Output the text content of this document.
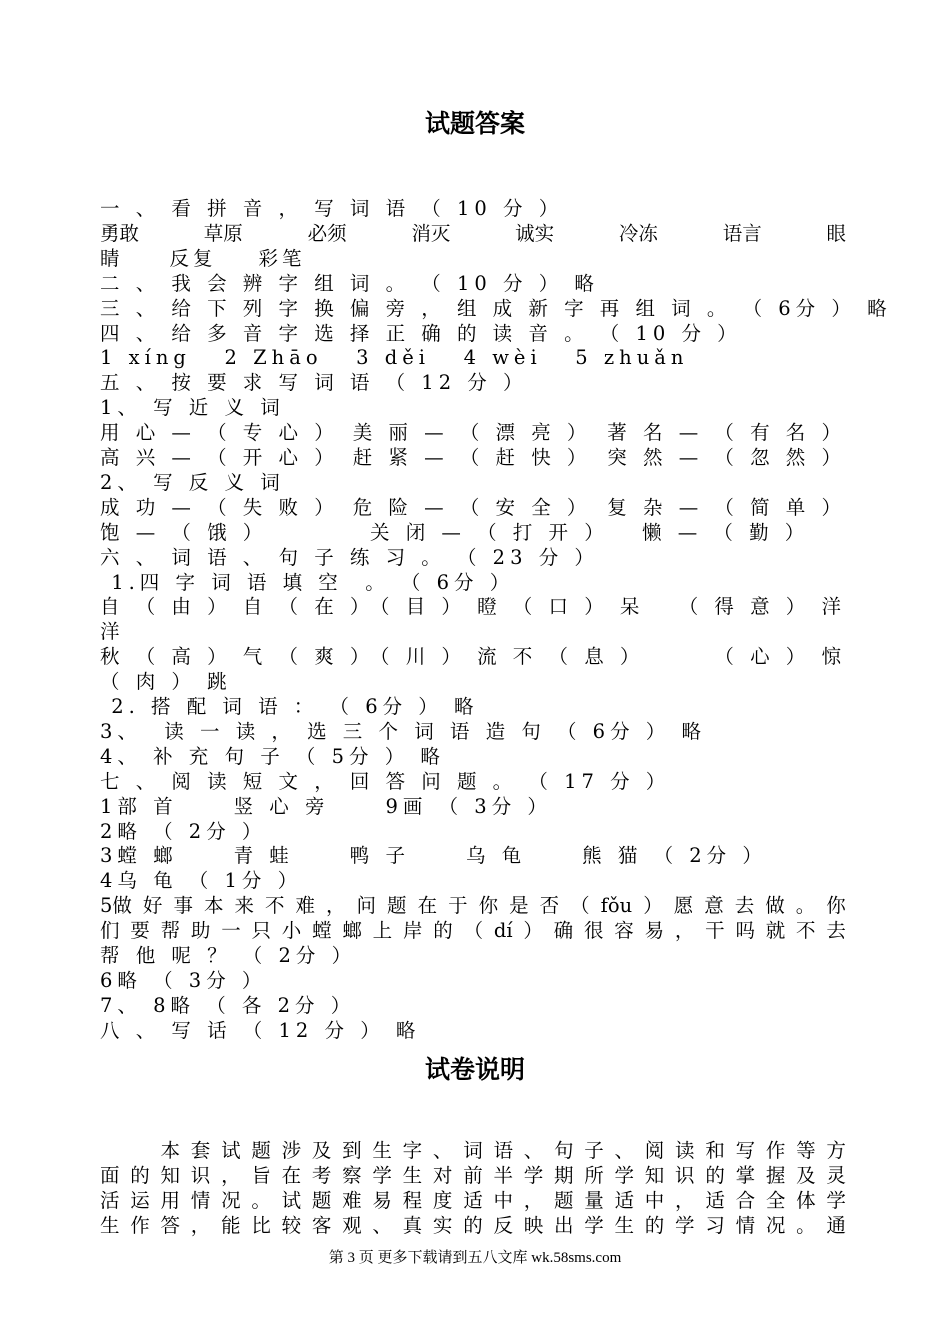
试题答案

一 、 看 拼 音 ， 写 词 语 （ 10 分 ）

勇敢	草原	必须	消灭	诚实	冷冻	语言	眼

睛 反复 彩笔

二 、 我 会 辨 字 组 词 。 （ 10 分 ） 略

三 、 给 下 列 字 换 偏 旁 ， 组 成 新 字 再 组 词 。 （ 6分 ） 略

四 、 给 多 音 字 选 择 正 确 的 读 音 。 （ 10 分 ）

1 xíng   2 Zhāo   3 děi   4 wèi   5 zhuǎn

五 、 按 要 求 写 词 语 （ 12 分 ）

1、 写 近 义 词

用 心 — （ 专 心 ） 美 丽 — （ 漂 亮 ） 著 名 — （ 有 名 ）

高 兴 — （ 开 心 ） 赶 紧 — （ 赶 快 ） 突 然 — （ 忽 然 ）

2、 写 反 义 词

成 功 — （ 失 败 ） 危 险 — （ 安 全 ） 复 杂 — （ 简 单 ）

饱 — （ 饿 ）	关 闭 — （ 打 开 ）	懒 — （ 勤 ）

六 、 词 语 、 句 子 练 习 。 （ 23 分 ）

1.四 字 词 语 填 空  。 （ 6分 ）

自 （ 由 ） 自 （ 在 ）
（ 目 ） 瞪 （ 口 ） 呆	（ 得 意 ） 洋

洋

秋 （ 高 ） 气 （ 爽 ）
（ 川 ） 流 不 （ 息 ）	（ 心 ） 惊

（ 肉 ） 跳

2. 搭 配 词 语 ： （ 6分 ） 略

3、  读 一 读 ， 选 三 个 词 语 造 句 （ 6分 ） 略

4、 补 充 句 子 （ 5分 ） 略

七 、 阅 读 短 文 ， 回 答 问 题 。 （ 17 分 ）

1部 首     竖 心 旁     9画 （ 3分 ）

2略 （ 2分 ）

3螳 螂     青 蛙     鸭 子     乌 龟     熊 猫 （ 2分 ）

4乌 龟 （ 1分 ）

5做 好 事 本 来 不 难 ， 问 题 在 于 你 是 否 （ fǒu ） 愿 意 去 做 。 你

们 要 帮 助 一 只 小 螳 螂 上 岸 的 （ dí ） 确 很 容 易 ， 干 吗 就 不 去

帮 他 呢 ？ （ 2分 ）

6略 （ 3分 ）

7、 8略 （ 各 2分 ）

八 、 写 话 （ 12 分 ） 略

试卷说明

本 套 试 题 涉 及 到 生 字 、 词 语 、 句 子 、 阅 读 和 写 作 等 方
面 的 知 识 ， 旨 在 考 察 学 生 对 前 半 学 期 所 学 知 识 的 掌 握 及 灵
活 运 用 情 况 。 试 题 难 易 程 度 适 中 ， 题 量 适 中 ， 适 合 全 体 学
生 作 答 ， 能 比 较 客 观 、 真 实 的 反 映 出 学 生 的 学 习 情 况 。 通

第 3 页 更多下载请到五八文库 wk.58sms.com
